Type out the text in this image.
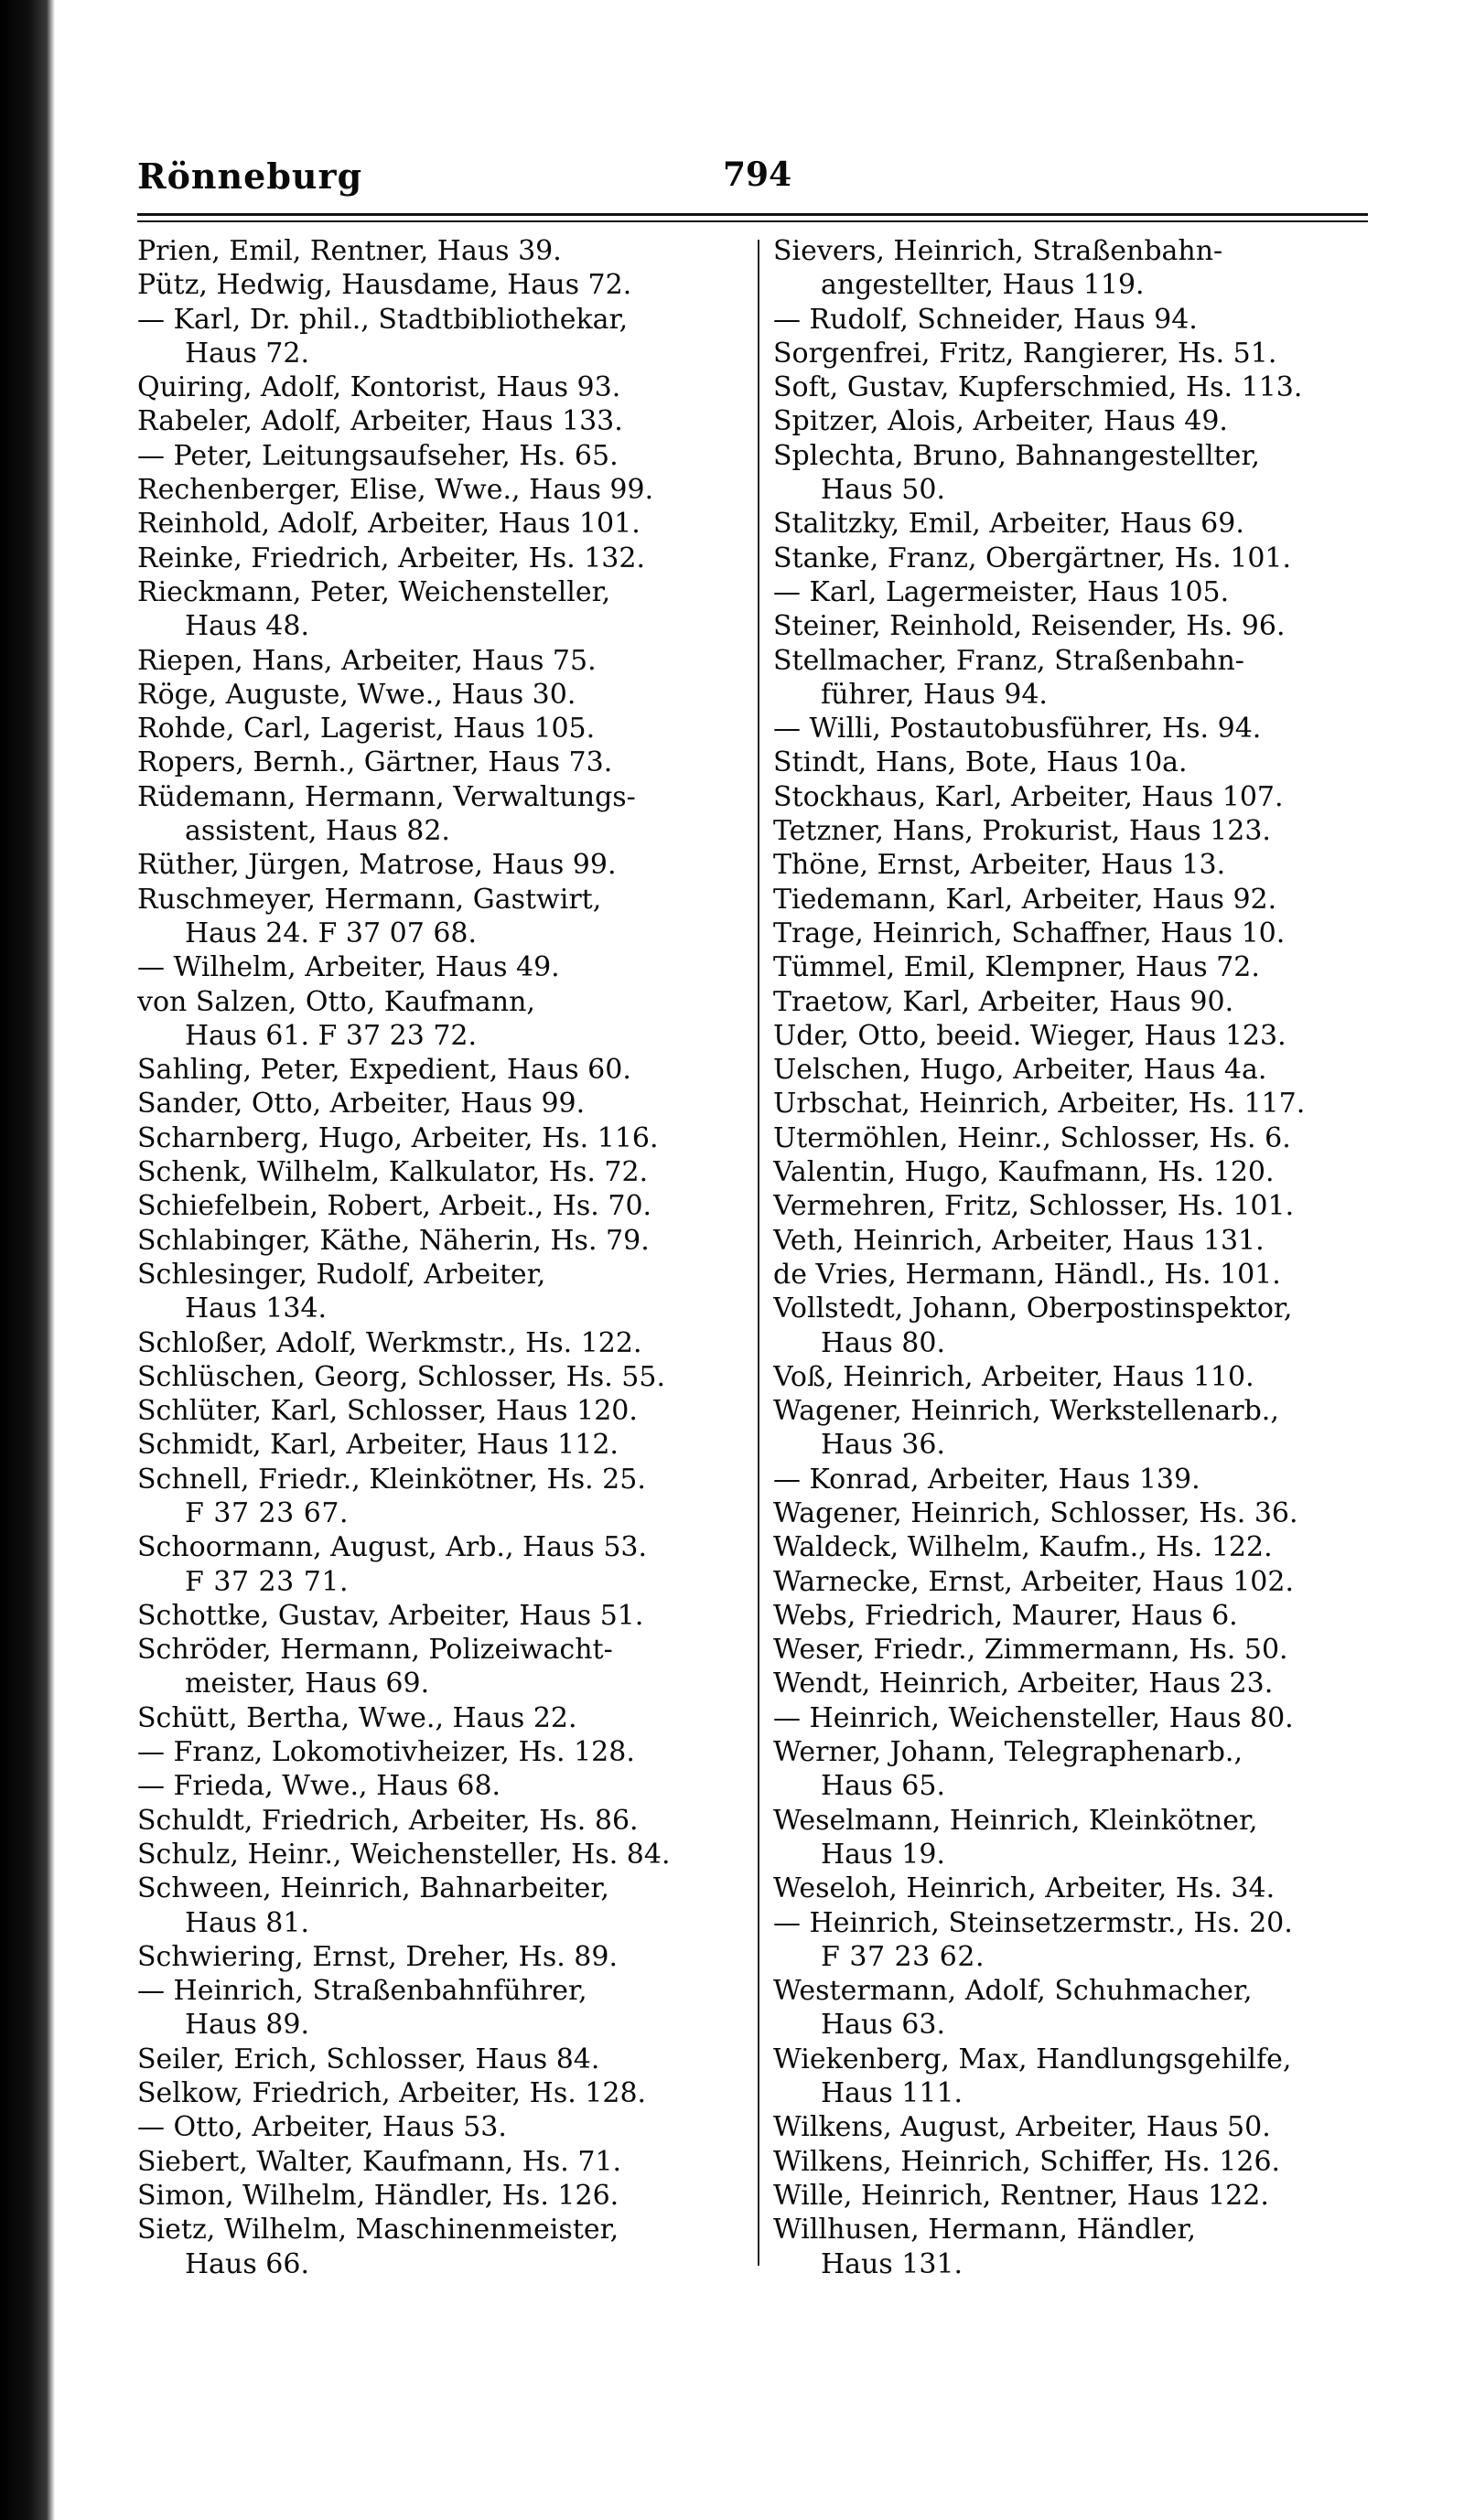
Rönneburg	794
Prien, Emil, Rentner, Haus 39.
Pütz, Hedwig, Hausdame, Haus 72.
— Karl, Dr. phil., Stadtbibliothekar,
Haus 72.
Quiring, Adolf, Kontorist, Haus 93.
Rabeler, Adolf, Arbeiter, Haus 133.
— Peter, Leitungsaufseher, Hs. 65.
Rechenberger, Elise, Wwe., Haus 99.
Reinhold, Adolf, Arbeiter, Haus 101.
Reinke, Friedrich, Arbeiter, Hs. 132.
Rieckmann, Peter, Weichensteller,
Haus 48.
Riepen, Hans, Arbeiter, Haus 75.
Röge, Auguste, Wwe., Haus 30.
Rohde, Carl, Lagerist, Haus 105.
Ropers, Bernh., Gärtner, Haus 73.
Rüdemann, Hermann, Verwaltungs-
assistent, Haus 82.
Rüther, Jürgen, Matrose, Haus 99.
Ruschmeyer, Hermann, Gastwirt,
Haus 24. F 37 07 68.
— Wilhelm, Arbeiter, Haus 49.
von Salzen, Otto, Kaufmann,
Haus 61. F 37 23 72.
Sahling, Peter, Expedient, Haus 60.
Sander, Otto, Arbeiter, Haus 99.
Scharnberg, Hugo, Arbeiter, Hs. 116.
Schenk, Wilhelm, Kalkulator, Hs. 72.
Schiefelbein, Robert, Arbeit., Hs. 70.
Schlabinger, Käthe, Näherin, Hs. 79.
Schlesinger, Rudolf, Arbeiter,
Haus 134.
Schloßer, Adolf, Werkmstr., Hs. 122.
Schlüschen, Georg, Schlosser, Hs. 55.
Schlüter, Karl, Schlosser, Haus 120.
Schmidt, Karl, Arbeiter, Haus 112.
Schnell, Friedr., Kleinkötner, Hs. 25.
F 37 23 67.
Schoormann, August, Arb., Haus 53.
F 37 23 71.
Schottke, Gustav, Arbeiter, Haus 51.
Schröder, Hermann, Polizeiwacht-
meister, Haus 69.
Schütt, Bertha, Wwe., Haus 22.
— Franz, Lokomotivheizer, Hs. 128.
— Frieda, Wwe., Haus 68.
Schuldt, Friedrich, Arbeiter, Hs. 86.
Schulz, Heinr., Weichensteller, Hs. 84.
Schween, Heinrich, Bahnarbeiter,
Haus 81.
Schwiering, Ernst, Dreher, Hs. 89.
— Heinrich, Straßenbahnführer,
Haus 89.
Seiler, Erich, Schlosser, Haus 84.
Selkow, Friedrich, Arbeiter, Hs. 128.
— Otto, Arbeiter, Haus 53.
Siebert, Walter, Kaufmann, Hs. 71.
Simon, Wilhelm, Händler, Hs. 126.
Sietz, Wilhelm, Maschinenmeister,
Haus 66.
Sievers, Heinrich, Straßenbahn-
angestellter, Haus 119.
— Rudolf, Schneider, Haus 94.
Sorgenfrei, Fritz, Rangierer, Hs. 51.
Soft, Gustav, Kupferschmied, Hs. 113.
Spitzer, Alois, Arbeiter, Haus 49.
Splechta, Bruno, Bahnangestellter,
Haus 50.
Stalitzky, Emil, Arbeiter, Haus 69.
Stanke, Franz, Obergärtner, Hs. 101.
— Karl, Lagermeister, Haus 105.
Steiner, Reinhold, Reisender, Hs. 96.
Stellmacher, Franz, Straßenbahn-
führer, Haus 94.
— Willi, Postautobusführer, Hs. 94.
Stindt, Hans, Bote, Haus 10a.
Stockhaus, Karl, Arbeiter, Haus 107.
Tetzner, Hans, Prokurist, Haus 123.
Thöne, Ernst, Arbeiter, Haus 13.
Tiedemann, Karl, Arbeiter, Haus 92.
Trage, Heinrich, Schaffner, Haus 10.
Tümmel, Emil, Klempner, Haus 72.
Traetow, Karl, Arbeiter, Haus 90.
Uder, Otto, beeid. Wieger, Haus 123.
Uelschen, Hugo, Arbeiter, Haus 4a.
Urbschat, Heinrich, Arbeiter, Hs. 117.
Utermöhlen, Heinr., Schlosser, Hs. 6.
Valentin, Hugo, Kaufmann, Hs. 120.
Vermehren, Fritz, Schlosser, Hs. 101.
Veth, Heinrich, Arbeiter, Haus 131.
de Vries, Hermann, Händl., Hs. 101.
Vollstedt, Johann, Oberpostinspektor,
Haus 80.
Voß, Heinrich, Arbeiter, Haus 110.
Wagener, Heinrich, Werkstellenarb.,
Haus 36.
— Konrad, Arbeiter, Haus 139.
Wagener, Heinrich, Schlosser, Hs. 36.
Waldeck, Wilhelm, Kaufm., Hs. 122.
Warnecke, Ernst, Arbeiter, Haus 102.
Webs, Friedrich, Maurer, Haus 6.
Weser, Friedr., Zimmermann, Hs. 50.
Wendt, Heinrich, Arbeiter, Haus 23.
— Heinrich, Weichensteller, Haus 80.
Werner, Johann, Telegraphenarb.,
Haus 65.
Weselmann, Heinrich, Kleinkötner,
Haus 19.
Weseloh, Heinrich, Arbeiter, Hs. 34.
— Heinrich, Steinsetzermstr., Hs. 20.
F 37 23 62.
Westermann, Adolf, Schuhmacher,
Haus 63.
Wiekenberg, Max, Handlungsgehilfe,
Haus 111.
Wilkens, August, Arbeiter, Haus 50.
Wilkens, Heinrich, Schiffer, Hs. 126.
Wille, Heinrich, Rentner, Haus 122.
Willhusen, Hermann, Händler,
Haus 131.
